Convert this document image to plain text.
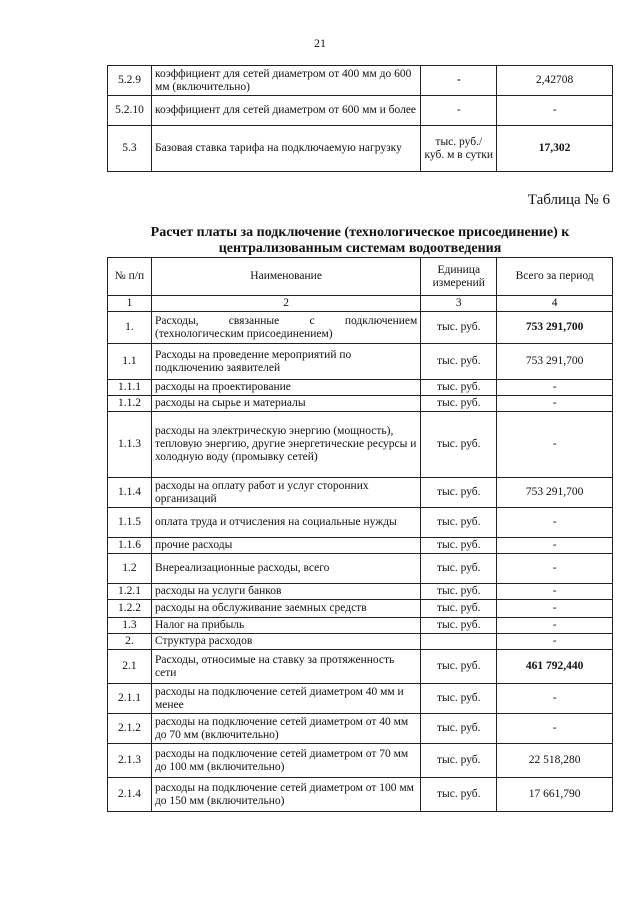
21
5.2.9	коэффициент для сетей диаметром от 400 мм до 600 мм (включительно)	-	2,42708
5.2.10	коэффициент для сетей диаметром от 600 мм и более	-	-
5.3	Базовая ставка тарифа на подключаемую нагрузку	тыс. руб./ куб. м в сутки	17,302
Таблица № 6
Расчет платы за подключение (технологическое присоединение) к централизованным системам водоотведения
№ п/п	Наименование	Единица измерений	Всего за период
1	2	3	4
1.	Расходы, связанные с подключением (технологическим присоединением)	тыс. руб.	753 291,700
1.1	Расходы на проведение мероприятий по подключению заявителей	тыс. руб.	753 291,700
1.1.1	расходы на проектирование	тыс. руб.	-
1.1.2	расходы на сырье и материалы	тыс. руб.	-
1.1.3	расходы на электрическую энергию (мощность), тепловую энергию, другие энергетические ресурсы и холодную воду (промывку сетей)	тыс. руб.	-
1.1.4	расходы на оплату работ и услуг сторонних организаций	тыс. руб.	753 291,700
1.1.5	оплата труда и отчисления на социальные нужды	тыс. руб.	-
1.1.6	прочие расходы	тыс. руб.	-
1.2	Внереализационные расходы, всего	тыс. руб.	-
1.2.1	расходы на услуги банков	тыс. руб.	-
1.2.2	расходы на обслуживание заемных средств	тыс. руб.	-
1.3	Налог на прибыль	тыс. руб.	-
2.	Структура расходов		-
2.1	Расходы, относимые на ставку за протяженность сети	тыс. руб.	461 792,440
2.1.1	расходы на подключение сетей диаметром 40 мм и менее	тыс. руб.	-
2.1.2	расходы на подключение сетей диаметром от 40 мм до 70 мм (включительно)	тыс. руб.	-
2.1.3	расходы на подключение сетей диаметром от 70 мм до 100 мм (включительно)	тыс. руб.	22 518,280
2.1.4	расходы на подключение сетей диаметром от 100 мм до 150 мм (включительно)	тыс. руб.	17 661,790
